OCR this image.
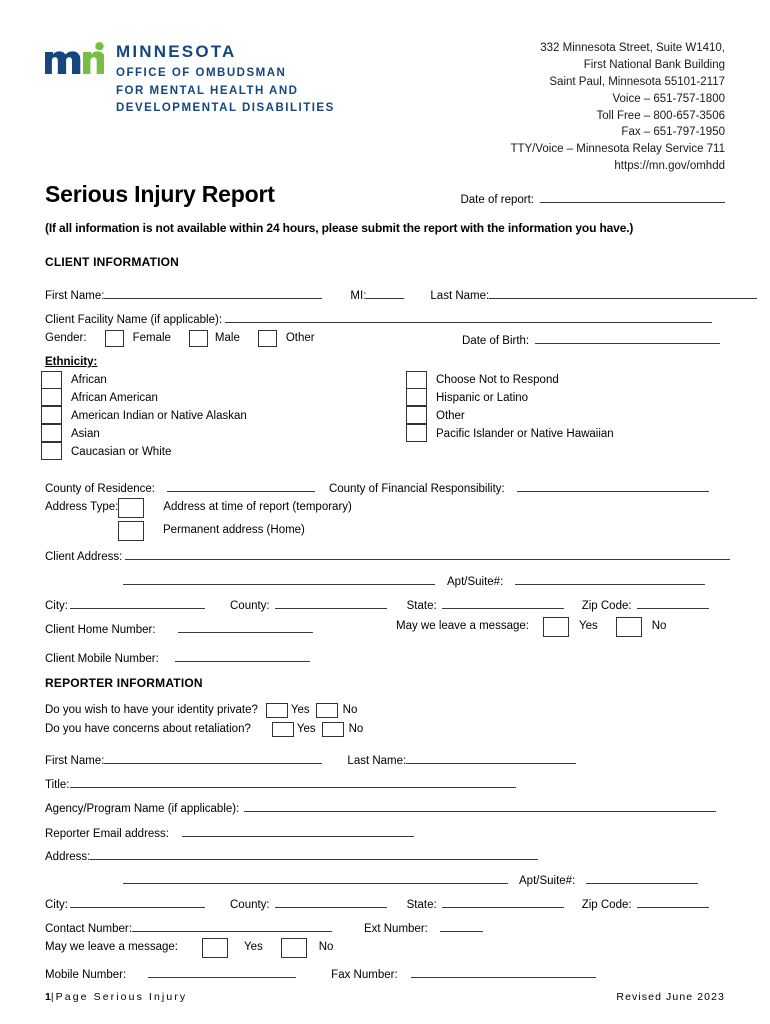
MINNESOTA
OFFICE OF OMBUDSMAN
FOR MENTAL HEALTH AND
DEVELOPMENTAL DISABILITIES
332 Minnesota Street, Suite W1410,
First National Bank Building
Saint Paul, Minnesota 55101-2117
Voice – 651-757-1800
Toll Free – 800-657-3506
Fax – 651-797-1950
TTY/Voice – Minnesota Relay Service 711
https://mn.gov/omhdd
Serious Injury Report	Date of report:
(If all information is not available within 24 hours, please submit the report with the information you have.)
CLIENT INFORMATION
First Name:	MI:	Last Name:
Client Facility Name (if applicable):
Gender:	Female	Male	Other	Date of Birth:
Ethnicity:
African
African American
American Indian or Native Alaskan
Asian
Caucasian or White
Choose Not to Respond
Hispanic or Latino
Other
Pacific Islander or Native Hawaiian
County of Residence:	County of Financial Responsibility:
Address Type:	Address at time of report (temporary)
Permanent address (Home)
Client Address:
Apt/Suite#:
City:	County:	State:	Zip Code:
Client Home Number:	May we leave a message:	Yes	No
Client Mobile Number:
REPORTER INFORMATION
Do you wish to have your identity private?	Yes	No
Do you have concerns about retaliation?	Yes	No
First Name:	Last Name:
Title:
Agency/Program Name (if applicable):
Reporter Email address:
Address:
Apt/Suite#:
City:	County:	State:	Zip Code:
Contact Number:	Ext Number:
May we leave a message:	Yes	No
Mobile Number:	Fax Number:
1|Page Serious Injury	Revised June 2023
